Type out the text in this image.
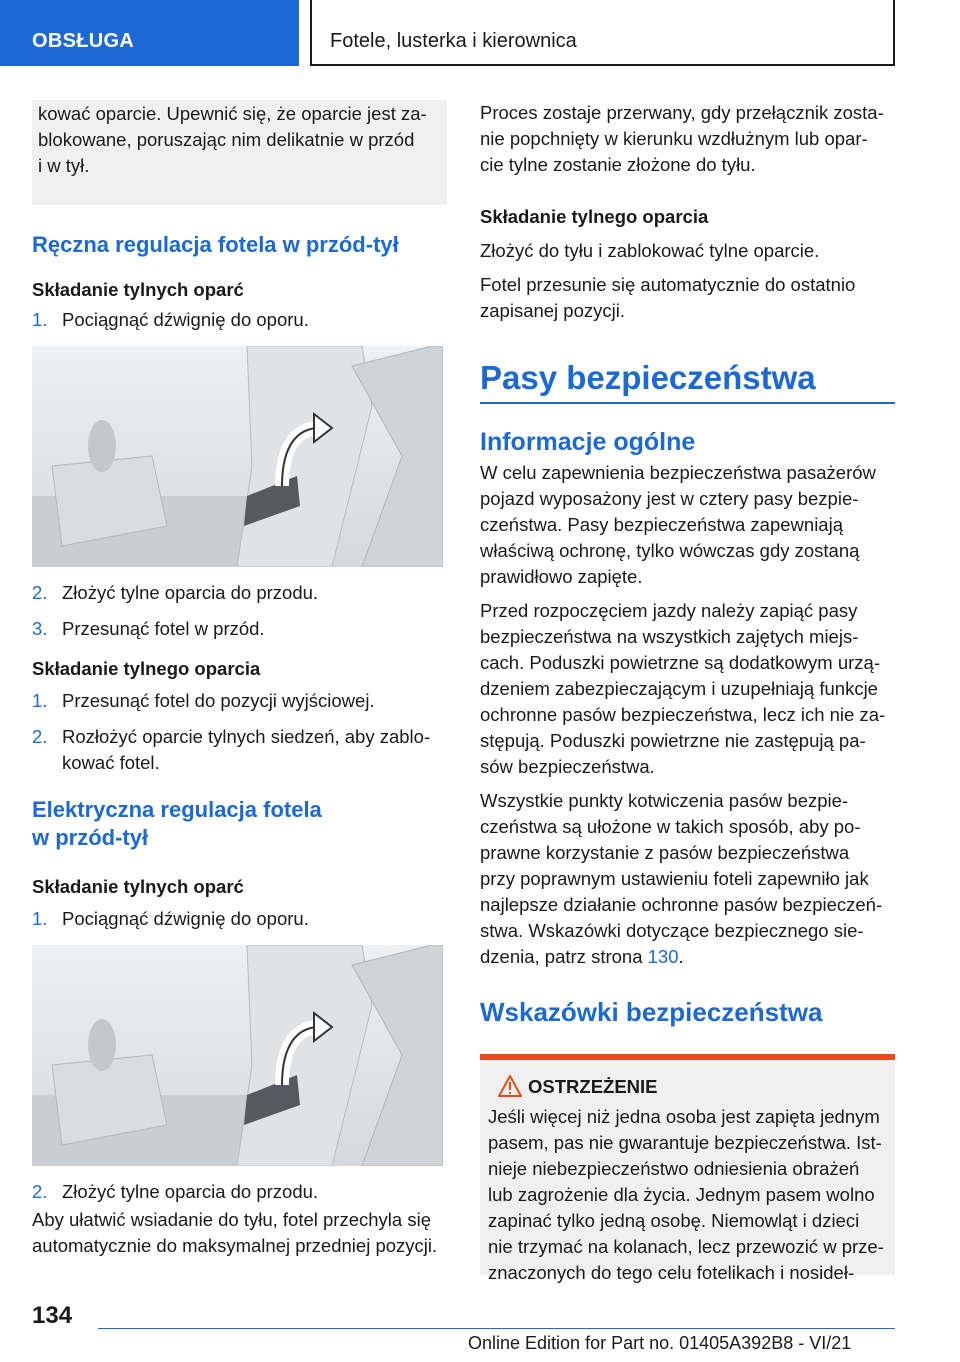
OBSŁUGA	Fotele, lusterka i kierownica

kować oparcie. Upewnić się, że oparcie jest za‐

blokowane, poruszając nim delikatnie w przód

i w tył.

Ręczna regulacja fotela w przód-tył
Składanie tylnych oparć
1. Pociągnąć dźwignię do oporu.
2. Złożyć tylne oparcia do przodu.
3. Przesunąć fotel w przód.
Składanie tylnego oparcia
1. Przesunąć fotel do pozycji wyjściowej.
2. Rozłożyć oparcie tylnych siedzeń, aby zablo‐
kować fotel.
Elektryczna regulacja fotela
w przód-tył
Składanie tylnych oparć
1. Pociągnąć dźwignię do oporu.
2. Złożyć tylne oparcia do przodu.

Aby ułatwić wsiadanie do tyłu, fotel przechyla się
automatycznie do maksymalnej przedniej pozycji.

Proces zostaje przerwany, gdy przełącznik zosta‐
nie popchnięty w kierunku wzdłużnym lub opar‐
cie tylne zostanie złożone do tyłu.

Składanie tylnego oparcia

Złożyć do tyłu i zablokować tylne oparcie.

Fotel przesunie się automatycznie do ostatnio
zapisanej pozycji.

Pasy bezpieczeństwa
Informacje ogólne

W celu zapewnienia bezpieczeństwa pasażerów
pojazd wyposażony jest w cztery pasy bezpie‐
czeństwa. Pasy bezpieczeństwa zapewniają
właściwą ochronę, tylko wówczas gdy zostaną
prawidłowo zapięte.

Przed rozpoczęciem jazdy należy zapiąć pasy
bezpieczeństwa na wszystkich zajętych miejs‐
cach. Poduszki powietrzne są dodatkowym urzą‐
dzeniem zabezpieczającym i uzupełniają funkcje
ochronne pasów bezpieczeństwa, lecz ich nie za‐
stępują. Poduszki powietrzne nie zastępują pa‐
sów bezpieczeństwa.

Wszystkie punkty kotwiczenia pasów bezpie‐
czeństwa są ułożone w takich sposób, aby po‐
prawne korzystanie z pasów bezpieczeństwa
przy poprawnym ustawieniu foteli zapewniło jak
najlepsze działanie ochronne pasów bezpieczeń‐
stwa. Wskazówki dotyczące bezpiecznego sie‐
dzenia, patrz strona 130.

Wskazówki bezpieczeństwa
OSTRZEŻENIE

Jeśli więcej niż jedna osoba jest zapięta jednym
pasem, pas nie gwarantuje bezpieczeństwa. Ist‐
nieje niebezpieczeństwo odniesienia obrażeń
lub zagrożenie dla życia. Jednym pasem wolno
zapinać tylko jedną osobę. Niemowląt i dzieci
nie trzymać na kolanach, lecz przewozić w prze‐
znaczonych do tego celu fotelikach i nosideł‐

134
Online Edition for Part no. 01405A392B8 - VI/21
